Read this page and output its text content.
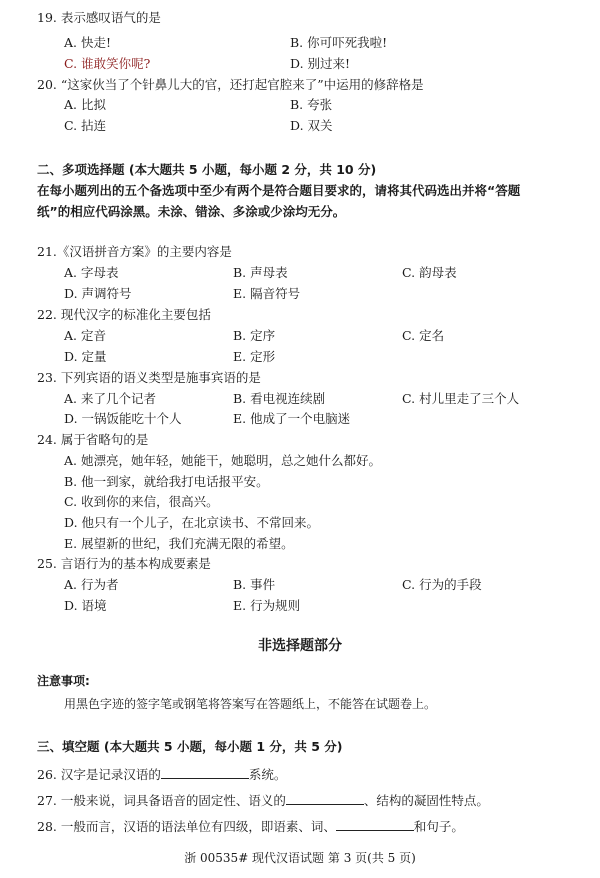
19. 表示感叹语气的是
A. 快走!	B. 你可吓死我啦!
C. 谁敢笑你呢?	D. 别过来!
20. “这家伙当了个针鼻儿大的官，还打起官腔来了”中运用的修辞格是
A. 比拟	B. 夸张
C. 拈连	D. 双关
二、多项选择题 (本大题共 5 小题，每小题 2 分，共 10 分)
在每小题列出的五个备选项中至少有两个是符合题目要求的，请将其代码选出并将“答题
纸”的相应代码涂黑。未涂、错涂、多涂或少涂均无分。
21.《汉语拼音方案》的主要内容是
A. 字母表	B. 声母表	C. 韵母表
D. 声调符号	E. 隔音符号
22. 现代汉字的标准化主要包括
A. 定音	B. 定序	C. 定名
D. 定量	E. 定形
23. 下列宾语的语义类型是施事宾语的是
A. 来了几个记者	B. 看电视连续剧	C. 村儿里走了三个人
D. 一锅饭能吃十个人	E. 他成了一个电脑迷
24. 属于省略句的是
A. 她漂亮，她年轻，她能干，她聪明，总之她什么都好。
B. 他一到家，就给我打电话报平安。
C. 收到你的来信，很高兴。
D. 他只有一个儿子，在北京读书、不常回来。
E. 展望新的世纪，我们充满无限的希望。
25. 言语行为的基本构成要素是
A. 行为者	B. 事件	C. 行为的手段
D. 语境	E. 行为规则
非选择题部分
注意事项:
用黑色字迹的签字笔或钢笔将答案写在答题纸上，不能答在试题卷上。
三、填空题 (本大题共 5 小题，每小题 1 分，共 5 分)
26. 汉字是记录汉语的	系统。
27. 一般来说，词具备语音的固定性、语义的	、结构的凝固性特点。
28. 一般而言，汉语的语法单位有四级，即语素、词、	和句子。
浙 00535# 现代汉语试题 第 3 页(共 5 页)
